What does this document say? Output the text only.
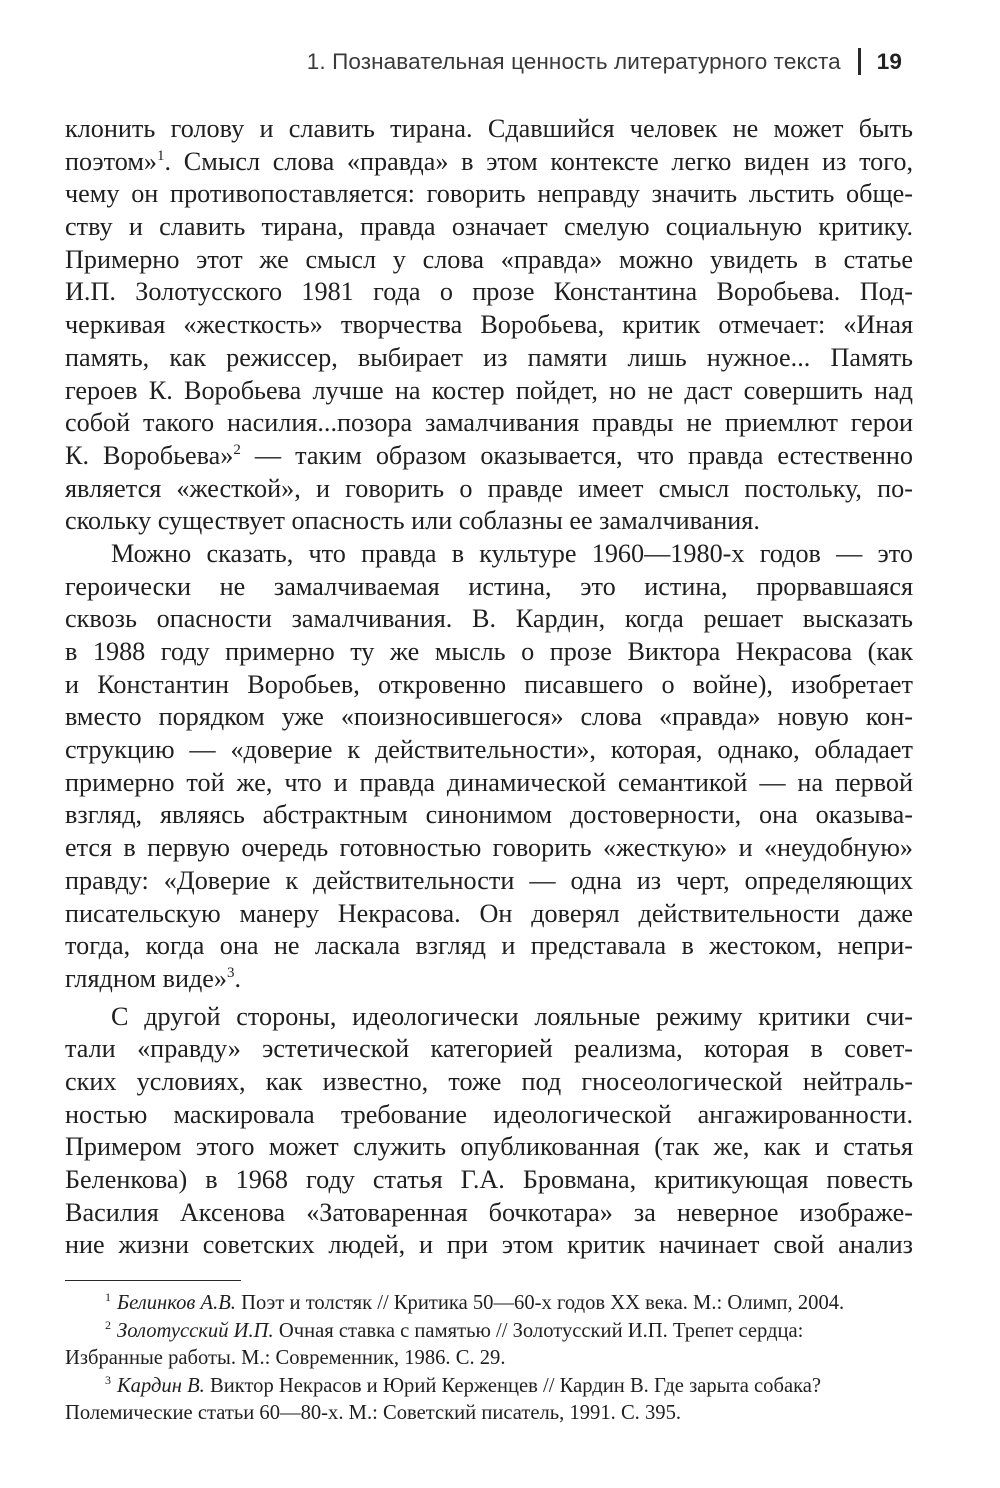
1. Познавательная ценность литературного текста 19
клонить голову и славить тирана. Сдавшийся человек не может быть
поэтом»$^1$. Смысл слова «правда» в этом контексте легко виден из того,
чему он противопоставляется: говорить неправду значить льстить обще-
ству и славить тирана, правда означает смелую социальную критику.
Примерно этот же смысл у слова «правда» можно увидеть в статье
И.П. Золотусского 1981 года о прозе Константина Воробьева. Под-
черкивая «жесткость» творчества Воробьева, критик отмечает: «Иная
память, как режиссер, выбирает из памяти лишь нужное... Память
героев К. Воробьева лучше на костер пойдет, но не даст совершить над
собой такого насилия...позора замалчивания правды не приемлют герои
К. Воробьева»$^2$ — таким образом оказывается, что правда естественно
является «жесткой», и говорить о правде имеет смысл постольку, по-
скольку существует опасность или соблазны ее замалчивания.
Можно сказать, что правда в культуре 1960—1980-х годов — это
героически не замалчиваемая истина, это истина, прорвавшаяся
сквозь опасности замалчивания. В. Кардин, когда решает высказать
в 1988 году примерно ту же мысль о прозе Виктора Некрасова (как
и Константин Воробьев, откровенно писавшего о войне), изобретает
вместо порядком уже «поизносившегося» слова «правда» новую кон-
струкцию — «доверие к действительности», которая, однако, обладает
примерно той же, что и правда динамической семантикой — на первой
взгляд, являясь абстрактным синонимом достоверности, она оказыва-
ется в первую очередь готовностью говорить «жесткую» и «неудобную»
правду: «Доверие к действительности — одна из черт, определяющих
писательскую манеру Некрасова. Он доверял действительности даже
тогда, когда она не ласкала взгляд и представала в жестоком, непри-
глядном виде»$^3$.
С другой стороны, идеологически лояльные режиму критики счи-
тали «правду» эстетической категорией реализма, которая в совет-
ских условиях, как известно, тоже под гносеологической нейтраль-
ностью маскировала требование идеологической ангажированности.
Примером этого может служить опубликованная (так же, как и статья
Беленкова) в 1968 году статья Г.А. Бровмана, критикующая повесть
Василия Аксенова «Затоваренная бочкотара» за неверное изображе-
ние жизни советских людей, и при этом критик начинает свой анализ
$^1$ Белинков А.В. Поэт и толстяк // Критика 50—60-х годов XX века. М.: Олимп, 2004.
$^2$ Золотусский И.П. Очная ставка с памятью // Золотусский И.П. Трепет сердца:
Избранные работы. М.: Современник, 1986. С. 29.
$^3$ Кардин В. Виктор Некрасов и Юрий Керженцев // Кардин В. Где зарыта собака?
Полемические статьи 60—80-х. М.: Советский писатель, 1991. С. 395.
